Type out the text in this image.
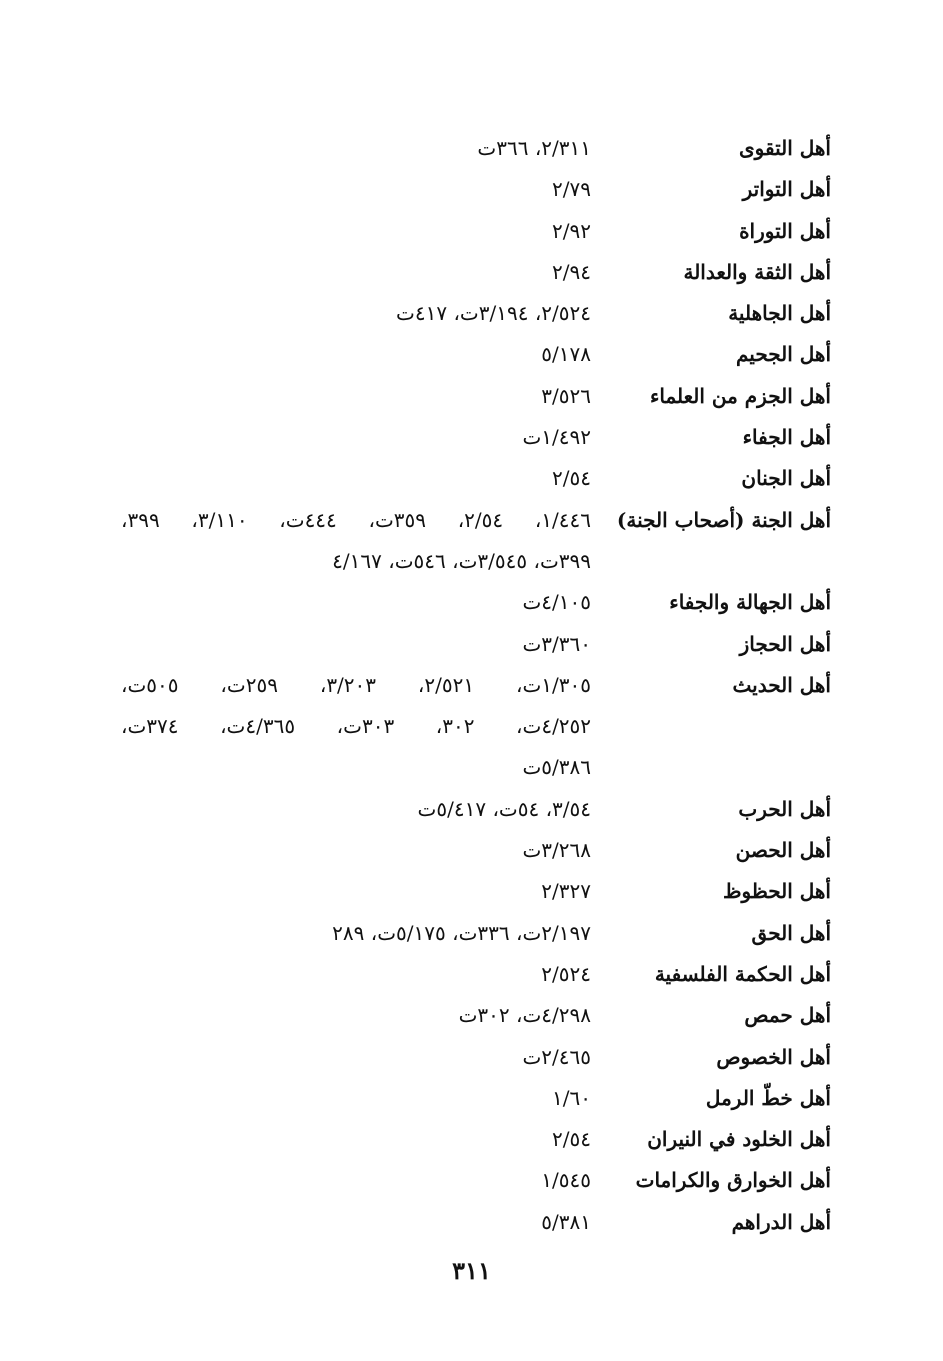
أهل التقوى
٢/٣١١، ٣٦٦ت
أهل التواتر
٢/٧٩
أهل التوراة
٢/٩٢
أهل الثقة والعدالة
٢/٩٤
أهل الجاهلية
٢/٥٢٤، ٣/١٩٤ت، ٤١٧ت
أهل الجحيم
٥/١٧٨
أهل الجزم من العلماء
٣/٥٢٦
أهل الجفاء
١/٤٩٢ت
أهل الجنان
٢/٥٤
أهل الجنة (أصحاب الجنة)
١/٤٤٦، ٢/٥٤، ٣٥٩ت، ٤٤٤ت، ٣/١١٠، ٣٩٩،
٣٩٩ت، ٣/٥٤٥ت، ٥٤٦ت، ٤/١٦٧
أهل الجهالة والجفاء
٤/١٠٥ت
أهل الحجاز
٣/٣٦٠ت
أهل الحديث
١/٣٠٥ت، ٢/٥٢١، ٣/٢٠٣، ٢٥٩ت، ٥٠٥ت،
٤/٢٥٢ت، ٣٠٢، ٣٠٣ت، ٤/٣٦٥ت، ٣٧٤ت،
٥/٣٨٦ت
أهل الحرب
٣/٥٤، ٥٤ت، ٥/٤١٧ت
أهل الحصن
٣/٢٦٨ت
أهل الحظوظ
٢/٣٢٧
أهل الحق
٢/١٩٧ت، ٣٣٦ت، ٥/١٧٥ت، ٢٨٩
أهل الحكمة الفلسفية
٢/٥٢٤
أهل حمص
٤/٢٩٨ت، ٣٠٢ت
أهل الخصوص
٢/٤٦٥ت
أهل خطّ الرمل
١/٦٠
أهل الخلود في النيران
٢/٥٤
أهل الخوارق والكرامات
١/٥٤٥
أهل الدراهم
٥/٣٨١
٣١١
